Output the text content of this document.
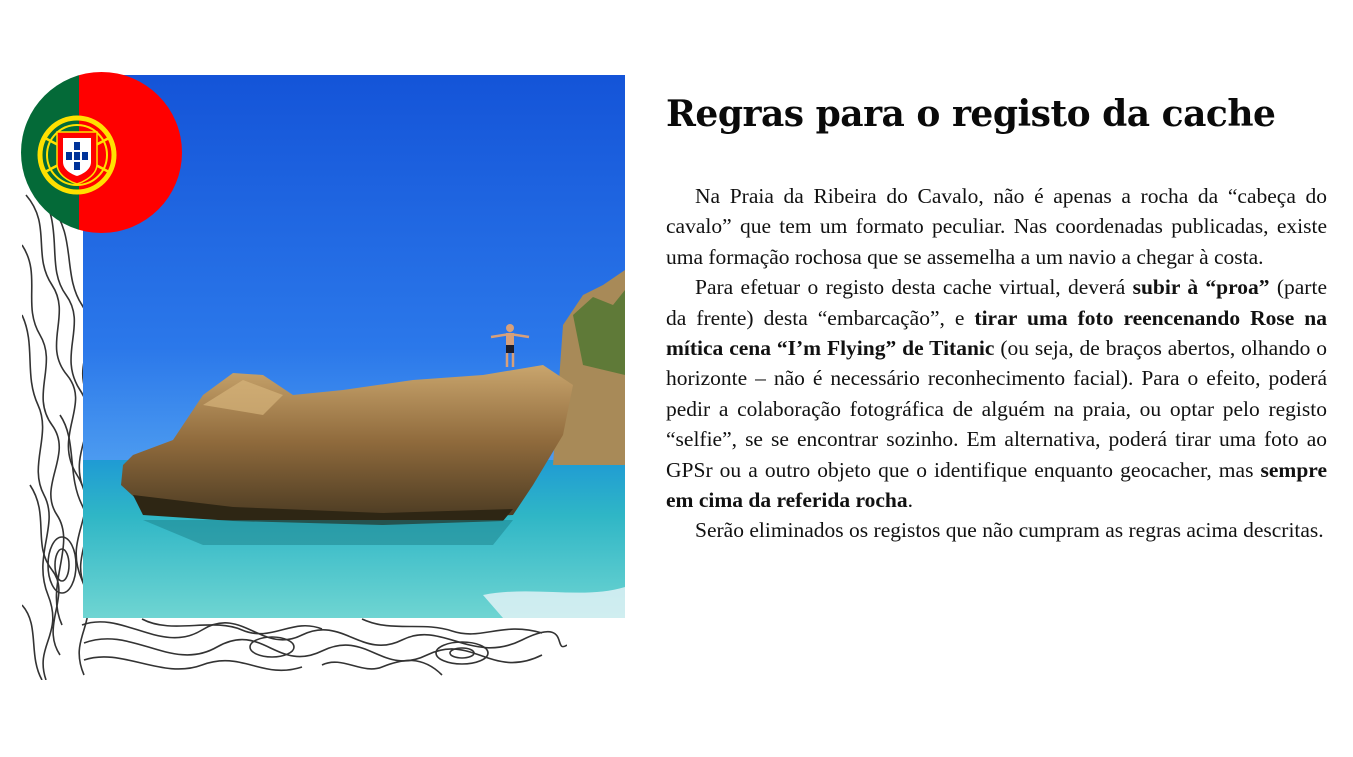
Regras para o registo da cache

Na Praia da Ribeira do Cavalo, não é apenas a rocha da “cabeça do cavalo” que tem um formato peculiar. Nas coordenadas publicadas, existe uma formação rochosa que se assemelha a um navio a chegar à costa.

Para efetuar o registo desta cache virtual, deverá subir à “proa” (parte da frente) desta “embarcação”, e tirar uma foto reencenando Rose na mítica cena “I’m Flying” de Titanic (ou seja, de braços abertos, olhando o horizonte – não é necessário reconhecimento facial). Para o efeito, poderá pedir a colaboração fotográfica de alguém na praia, ou optar pelo registo “selfie”, se se encontrar sozinho. Em alternativa, poderá tirar uma foto ao GPSr ou a outro objeto que o identifique enquanto geocacher, mas sempre em cima da referida rocha.

Serão eliminados os registos que não cumpram as regras acima descritas.
